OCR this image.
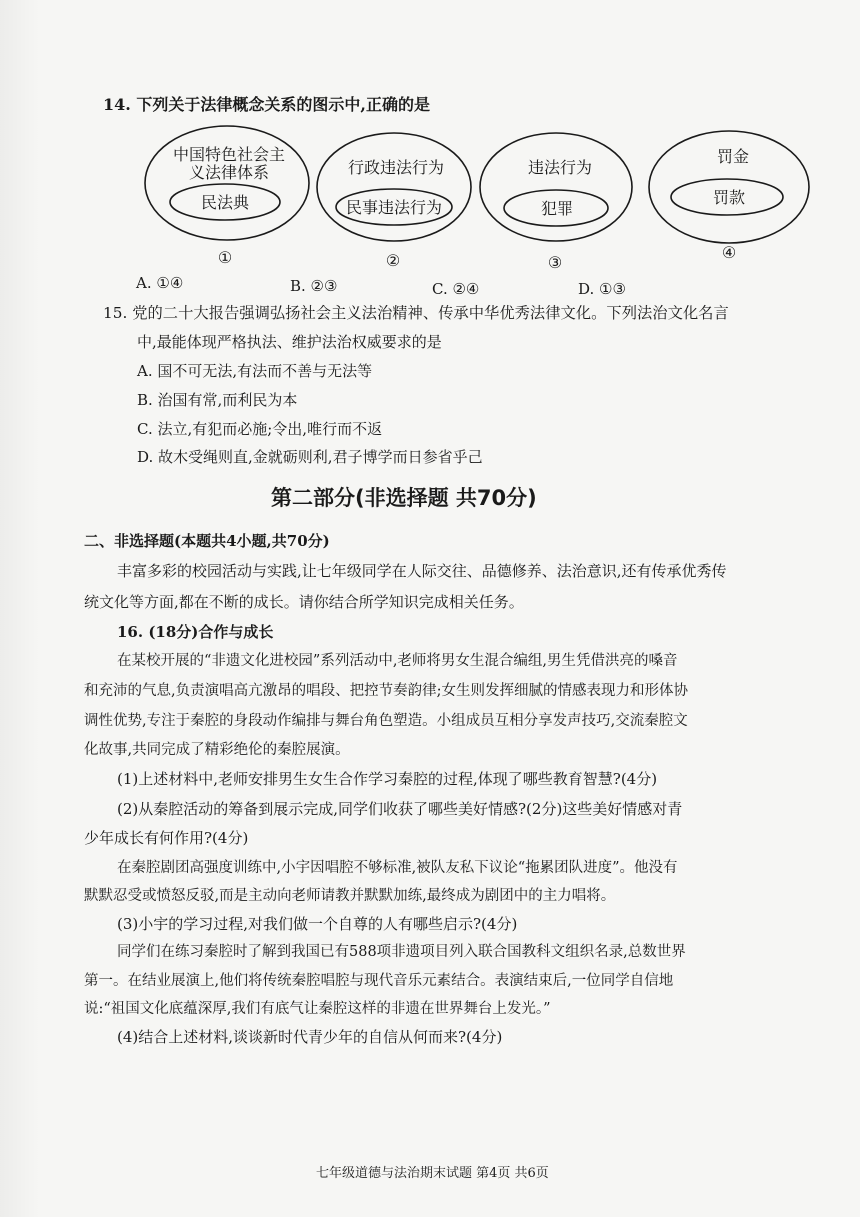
14. 下列关于法律概念关系的图示中,正确的是
中国特色社会主
义法律体系
民法典
行政违法行为
民事违法行为
违法行为
犯罪
罚金
罚款
①	②	③
④
A. ①④	B. ②③	C. ②④	D. ①③
15. 党的二十大报告强调弘扬社会主义法治精神、传承中华优秀法律文化。下列法治文化名言
中,最能体现严格执法、维护法治权威要求的是
A. 国不可无法,有法而不善与无法等
B. 治国有常,而利民为本
C. 法立,有犯而必施;令出,唯行而不返
D. 故木受绳则直,金就砺则利,君子博学而日参省乎己
第二部分(非选择题 共70分)
二、非选择题(本题共4小题,共70分)
丰富多彩的校园活动与实践,让七年级同学在人际交往、品德修养、法治意识,还有传承优秀传
统文化等方面,都在不断的成长。请你结合所学知识完成相关任务。
16. (18分)合作与成长
在某校开展的“非遗文化进校园”系列活动中,老师将男女生混合编组,男生凭借洪亮的嗓音
和充沛的气息,负责演唱高亢激昂的唱段、把控节奏韵律;女生则发挥细腻的情感表现力和形体协
调性优势,专注于秦腔的身段动作编排与舞台角色塑造。小组成员互相分享发声技巧,交流秦腔文
化故事,共同完成了精彩绝伦的秦腔展演。
(1)上述材料中,老师安排男生女生合作学习秦腔的过程,体现了哪些教育智慧?(4分)
(2)从秦腔活动的筹备到展示完成,同学们收获了哪些美好情感?(2分)这些美好情感对青
少年成长有何作用?(4分)
在秦腔剧团高强度训练中,小宇因唱腔不够标准,被队友私下议论“拖累团队进度”。他没有
默默忍受或愤怒反驳,而是主动向老师请教并默默加练,最终成为剧团中的主力唱将。
(3)小宇的学习过程,对我们做一个自尊的人有哪些启示?(4分)
同学们在练习秦腔时了解到我国已有588项非遗项目列入联合国教科文组织名录,总数世界
第一。在结业展演上,他们将传统秦腔唱腔与现代音乐元素结合。表演结束后,一位同学自信地
说:“祖国文化底蕴深厚,我们有底气让秦腔这样的非遗在世界舞台上发光。”
(4)结合上述材料,谈谈新时代青少年的自信从何而来?(4分)
七年级道德与法治期末试题 第4页 共6页
